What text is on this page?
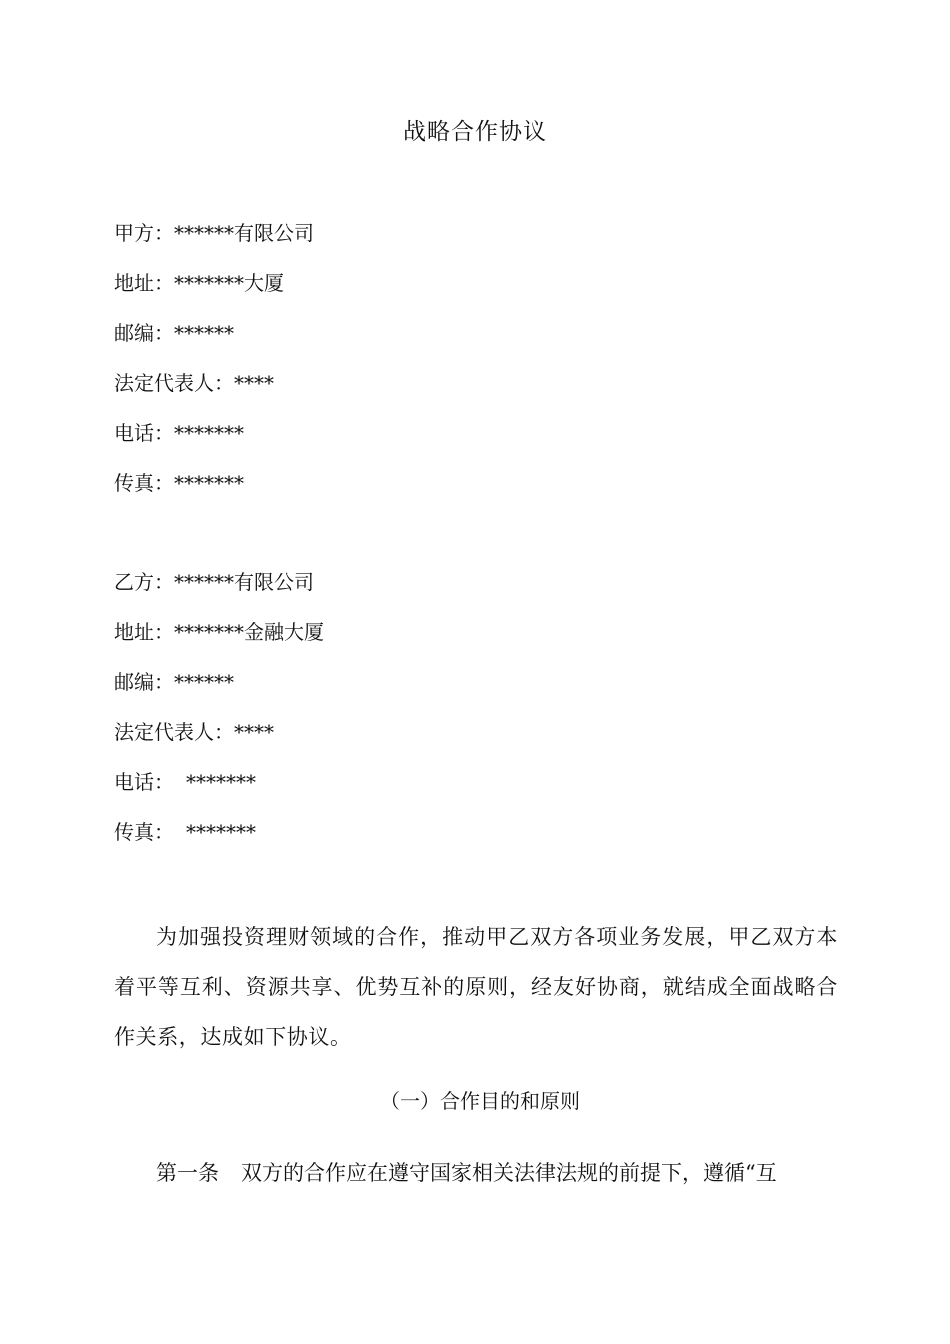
战略合作协议
甲方：******有限公司
地址：*******大厦
邮编：******
法定代表人：****
电话：*******
传真：*******
乙方：******有限公司
地址：*******金融大厦
邮编：******
法定代表人：****
电话： *******
传真： *******
为加强投资理财领域的合作，推动甲乙双方各项业务发展，甲乙双方本着平等互利、资源共享、优势互补的原则，经友好协商，就结成全面战略合作关系，达成如下协议。
（一）合作目的和原则
第一条 双方的合作应在遵守国家相关法律法规的前提下，遵循“互
